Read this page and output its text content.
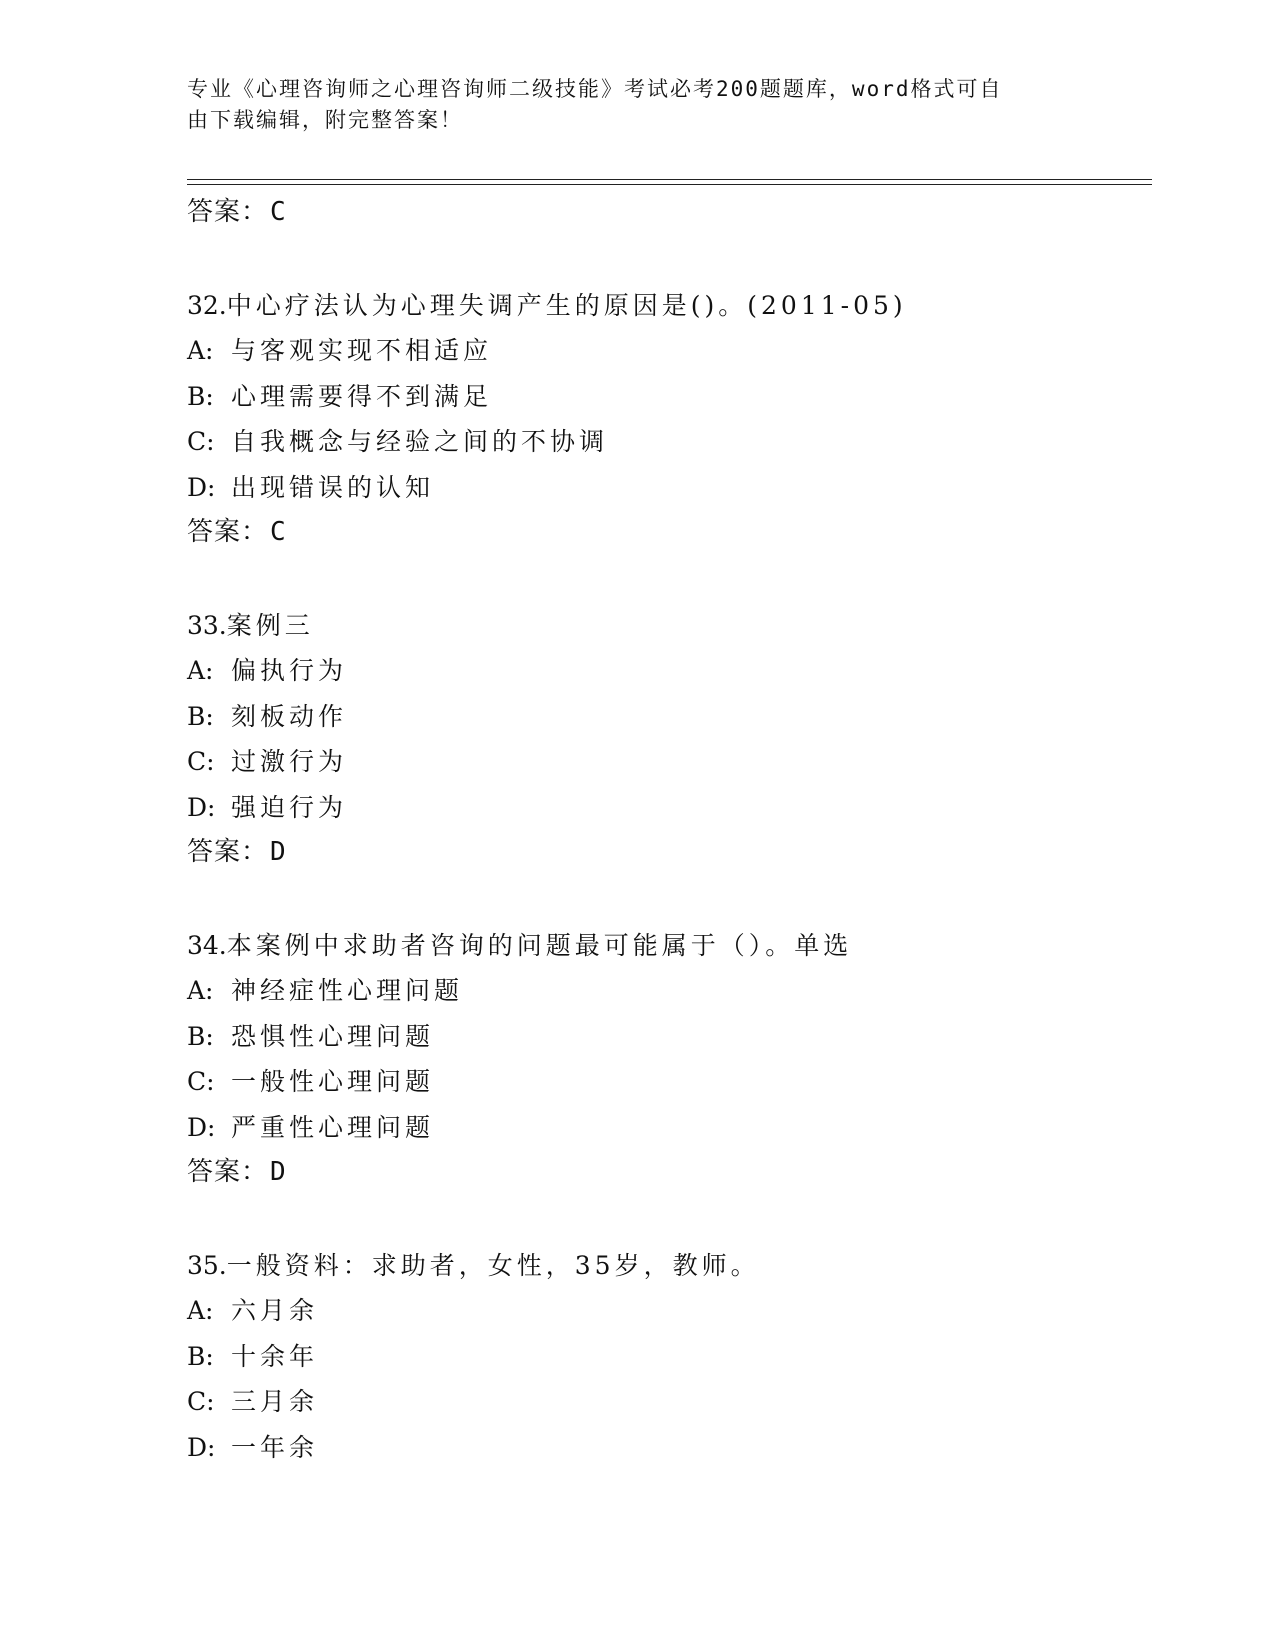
专业《心理咨询师之心理咨询师二级技能》考试必考200题题库，word格式可自
由下载编辑，附完整答案！
答案：C
32.中心疗法认为心理失调产生的原因是()。(2011-05)
A: 与客观实现不相适应
B: 心理需要得不到满足
C: 自我概念与经验之间的不协调
D: 出现错误的认知
答案：C
33.案例三
A: 偏执行为
B: 刻板动作
C: 过激行为
D: 强迫行为
答案：D
34.本案例中求助者咨询的问题最可能属于（）。单选
A: 神经症性心理问题
B: 恐惧性心理问题
C: 一般性心理问题
D: 严重性心理问题
答案：D
35.一般资料：求助者，女性，35岁，教师。
A: 六月余
B: 十余年
C: 三月余
D: 一年余
